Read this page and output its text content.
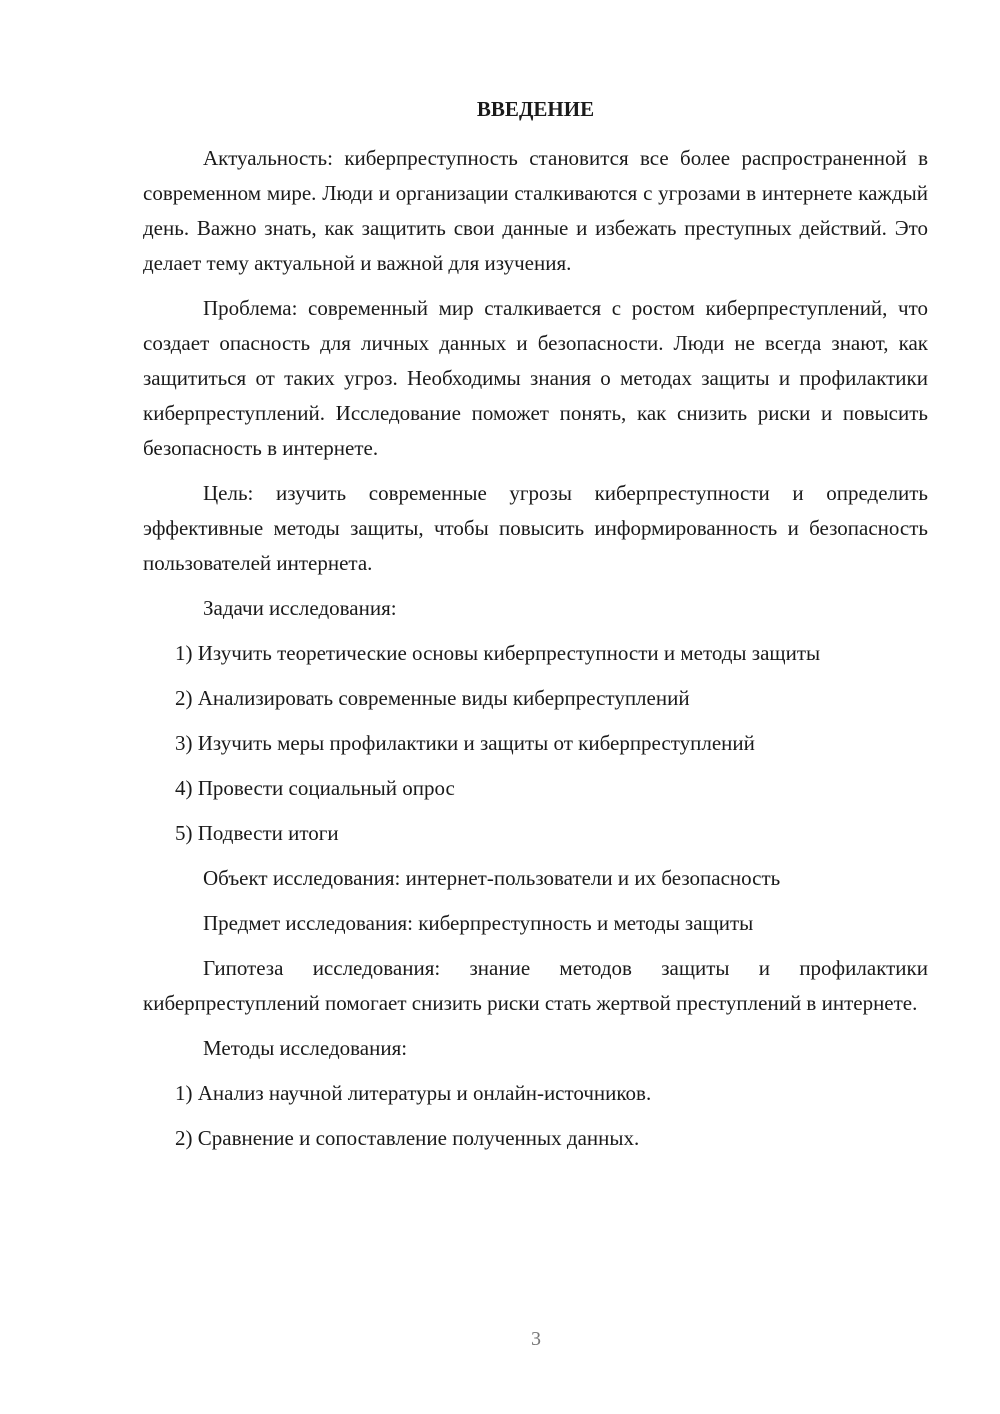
ВВЕДЕНИЕ

Актуальность: киберпреступность становится все более распространенной в современном мире. Люди и организации сталкиваются с угрозами в интернете каждый день. Важно знать, как защитить свои данные и избежать преступных действий. Это делает тему актуальной и важной для изучения.

Проблема: современный мир сталкивается с ростом киберпреступлений, что создает опасность для личных данных и безопасности. Люди не всегда знают, как защититься от таких угроз. Необходимы знания о методах защиты и профилактики киберпреступлений. Исследование поможет понять, как снизить риски и повысить безопасность в интернете.

Цель: изучить современные угрозы киберпреступности и определить эффективные методы защиты, чтобы повысить информированность и безопасность пользователей интернета.

Задачи исследования:

1) Изучить теоретические основы киберпреступности и методы защиты

2) Анализировать современные виды киберпреступлений

3) Изучить меры профилактики и защиты от киберпреступлений

4) Провести социальный опрос

5) Подвести итоги

Объект исследования: интернет-пользователи и их безопасность

Предмет исследования: киберпреступность и методы защиты

Гипотеза исследования: знание методов защиты и профилактики киберпреступлений помогает снизить риски стать жертвой преступлений в интернете.

Методы исследования:

1) Анализ научной литературы и онлайн-источников.

2) Сравнение и сопоставление полученных данных.

3
